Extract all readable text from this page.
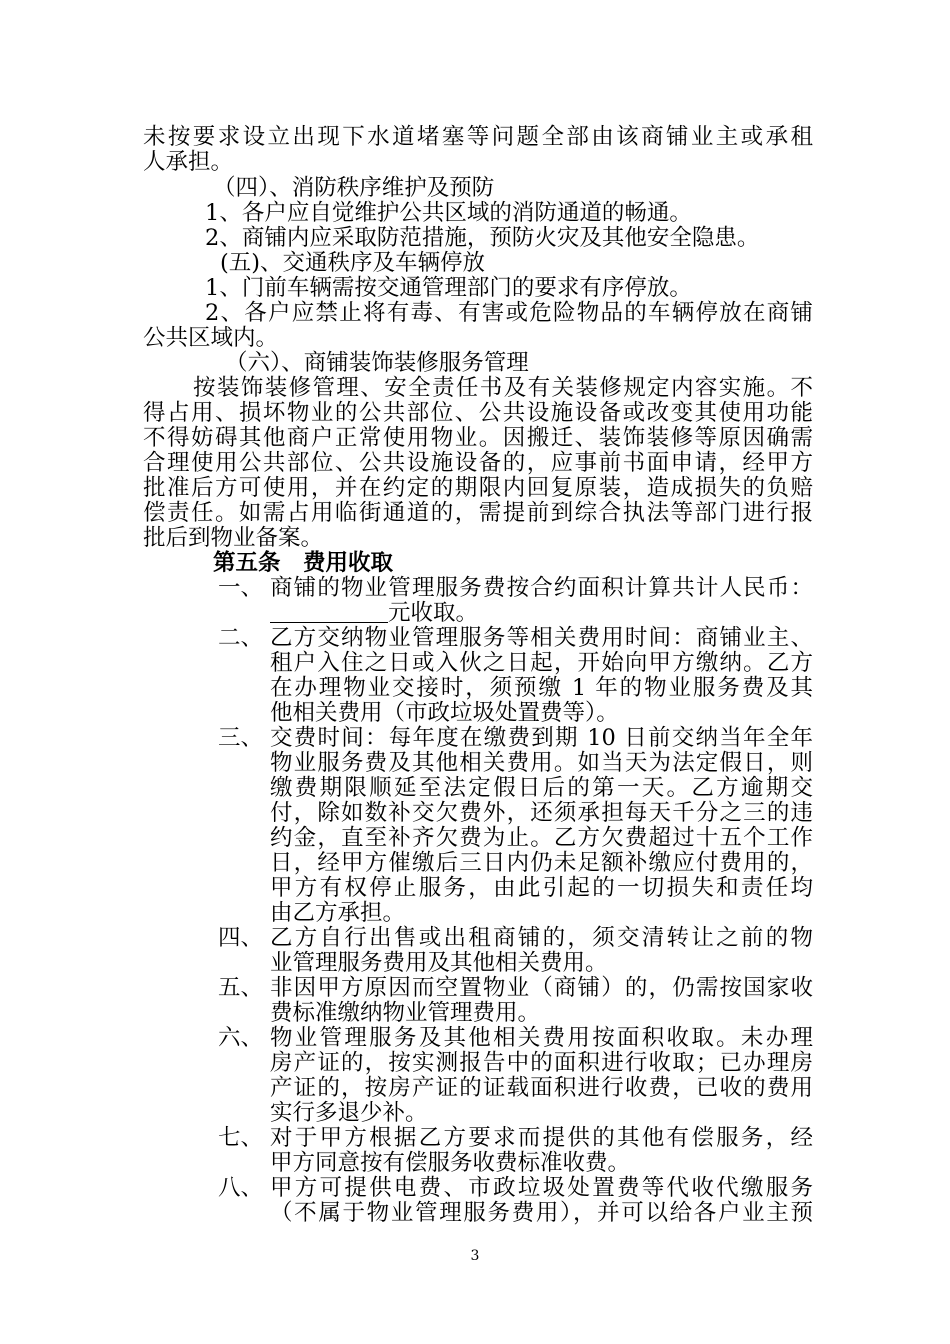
未按要求设立出现下水道堵塞等问题全部由该商铺业主或承租
人承担。
（四）、消防秩序维护及预防
1、各户应自觉维护公共区域的消防通道的畅通。
2、商铺内应采取防范措施，预防火灾及其他安全隐患。
(五)、交通秩序及车辆停放
1、门前车辆需按交通管理部门的要求有序停放。
2、各户应禁止将有毒、有害或危险物品的车辆停放在商铺
公共区域内。
（六）、商铺装饰装修服务管理
按装饰装修管理、安全责任书及有关装修规定内容实施。不
得占用、损坏物业的公共部位、公共设施设备或改变其使用功能
不得妨碍其他商户正常使用物业。因搬迁、装饰装修等原因确需
合理使用公共部位、公共设施设备的，应事前书面申请，经甲方
批准后方可使用，并在约定的期限内回复原装，造成损失的负赔
偿责任。如需占用临街通道的，需提前到综合执法等部门进行报
批后到物业备案。
第五条　费用收取
一、 商铺的物业管理服务费按合约面积计算共计人民币：
元收取。
二、 乙方交纳物业管理服务等相关费用时间：商铺业主、
租户入住之日或入伙之日起，开始向甲方缴纳。乙方
在办理物业交接时，须预缴 1 年的物业服务费及其
他相关费用（市政垃圾处置费等）。
三、 交费时间：每年度在缴费到期 10 日前交纳当年全年
物业服务费及其他相关费用。如当天为法定假日，则
缴费期限顺延至法定假日后的第一天。乙方逾期交
付，除如数补交欠费外，还须承担每天千分之三的违
约金，直至补齐欠费为止。乙方欠费超过十五个工作
日，经甲方催缴后三日内仍未足额补缴应付费用的，
甲方有权停止服务，由此引起的一切损失和责任均
由乙方承担。
四、 乙方自行出售或出租商铺的，须交清转让之前的物
业管理服务费用及其他相关费用。
五、 非因甲方原因而空置物业（商铺）的，仍需按国家收
费标准缴纳物业管理费用。
六、 物业管理服务及其他相关费用按面积收取。未办理
房产证的，按实测报告中的面积进行收取；已办理房
产证的，按房产证的证载面积进行收费，已收的费用
实行多退少补。
七、 对于甲方根据乙方要求而提供的其他有偿服务，经
甲方同意按有偿服务收费标准收费。
八、 甲方可提供电费、市政垃圾处置费等代收代缴服务
（不属于物业管理服务费用），并可以给各户业主预
3
